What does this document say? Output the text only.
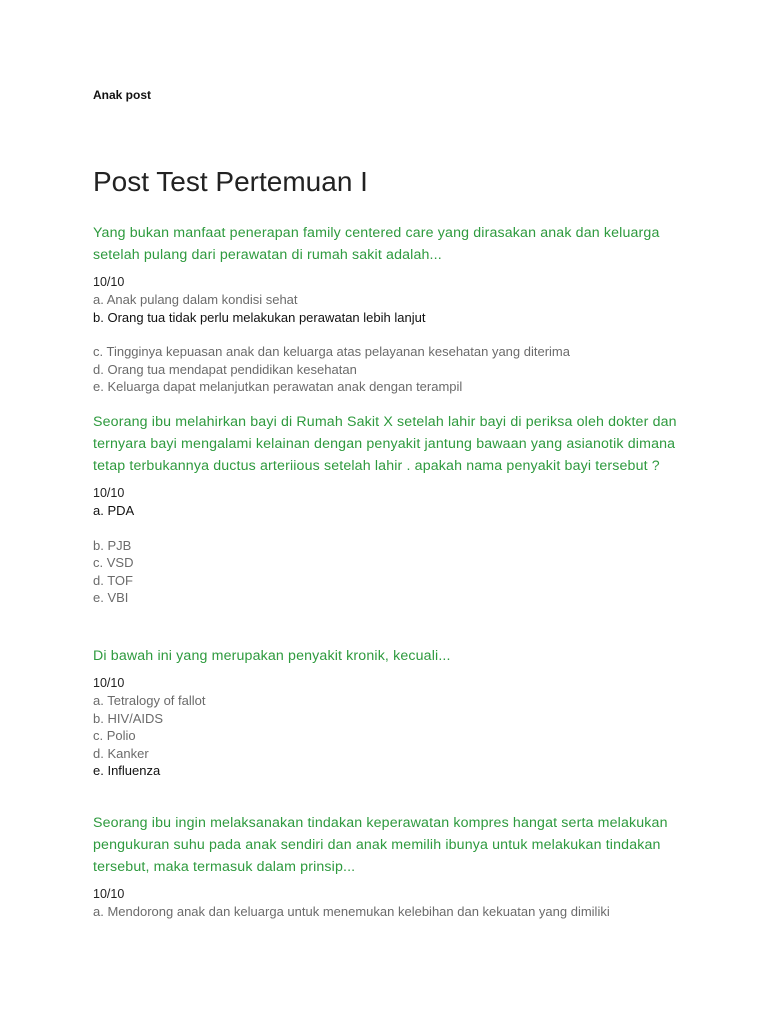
Anak post
Post Test Pertemuan I
Yang bukan manfaat penerapan family centered care yang dirasakan anak dan keluarga setelah pulang dari perawatan di rumah sakit adalah...
10/10
a. Anak pulang dalam kondisi sehat
b. Orang tua tidak perlu melakukan perawatan lebih lanjut
c. Tingginya kepuasan anak dan keluarga atas pelayanan kesehatan yang diterima
d. Orang tua mendapat pendidikan kesehatan
e. Keluarga dapat melanjutkan perawatan anak dengan terampil
Seorang ibu melahirkan bayi di Rumah Sakit X setelah lahir bayi di periksa oleh dokter dan ternyara bayi mengalami kelainan dengan penyakit jantung bawaan yang asianotik dimana tetap terbukannya ductus arteriious setelah lahir . apakah nama penyakit bayi tersebut ?
10/10
a. PDA
b. PJB
c. VSD
d. TOF
e. VBI
Di bawah ini yang merupakan penyakit kronik, kecuali...
10/10
a. Tetralogy of fallot
b. HIV/AIDS
c. Polio
d. Kanker
e. Influenza
Seorang ibu ingin melaksanakan tindakan keperawatan kompres hangat serta melakukan pengukuran suhu pada anak sendiri dan anak memilih ibunya untuk melakukan tindakan tersebut, maka termasuk dalam prinsip...
10/10
a. Mendorong anak dan keluarga untuk menemukan kelebihan dan kekuatan yang dimiliki
